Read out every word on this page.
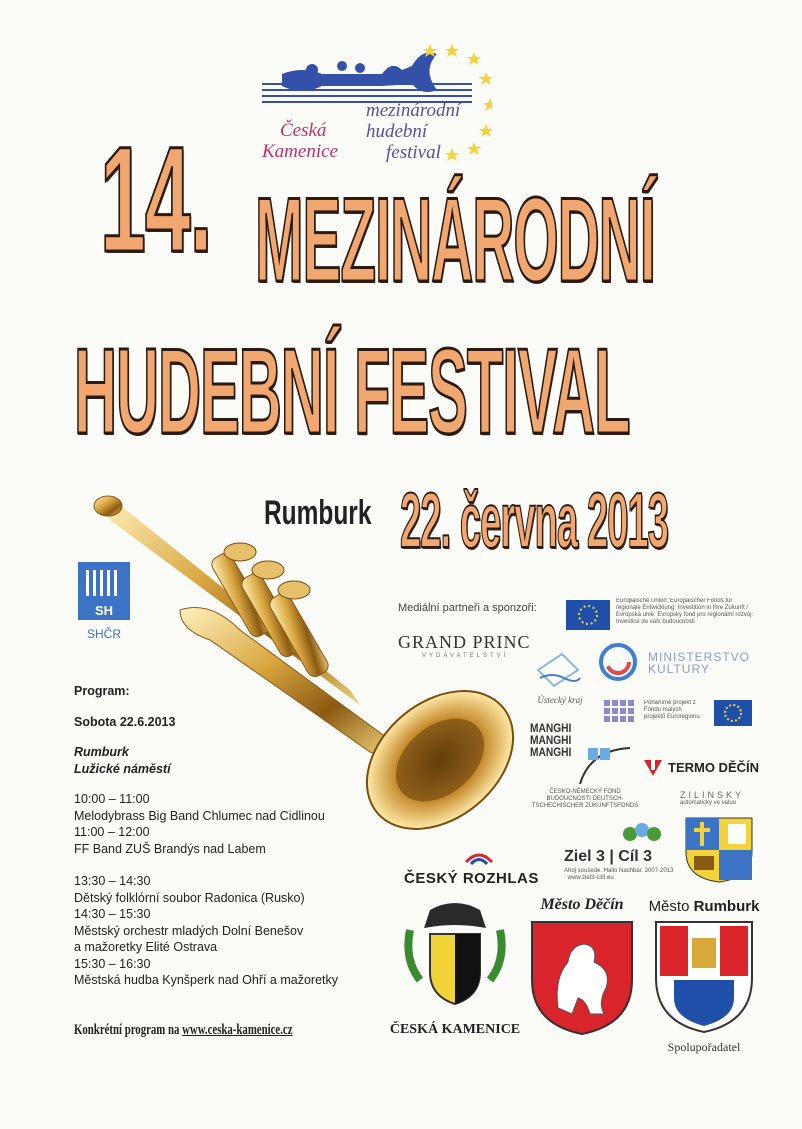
Česká
Kamenice
mezinárodní
hudební
festival
14. MEZINÁRODNÍ
HUDEBNÍ FESTIVAL
Rumburk 22. června 2013
SH
SHČR
Program:
Sobota 22.6.2013
Rumburk
Lužické náměstí
10:00 – 11:00
Melodybrass Big Band Chlumec nad Cidlinou
11:00 – 12:00
FF Band ZUŠ Brandýs nad Labem
13:30 – 14:30
Dětský folklórní soubor Radonica (Rusko)
14:30 – 15:30
Městský orchestr mladých Dolní Benešov
a mažoretky Elité Ostrava
15:30 – 16:30
Městská hudba Kynšperk nad Ohří a mažoretky
Konkrétní program na www.ceska-kamenice.cz
Mediální partneři a sponzoři:
Europäische Union: Europäischer Fonds für regionale Entwicklung: Investition in Ihre Zukunft / Evropská unie: Evropský fond pro regionální rozvoj: Investice do vaší budoucnosti
GRAND PRINC
VYDAVATELSTVÍ	MINISTERSTVO
KULTURY
Ústecký kraj	Poháníme projekt z Fondu malých projektů Euroregionu
MANGHI
MANGHI
MANGHI
ČESKO-NĚMECKÝ FOND BUDOUCNOSTI DEUTSCH-TSCHECHISCHER ZUKUNFTSFONDS
TERMO DĚČÍN
ZILINSKY
automaticky ve valuu
Ziel 3 | Cíl 3
Ahoj sousede. Hallo Nachbar. 2007-2013 · www.ziel3-cil3.eu
ČESKÝ ROZHLAS
ČESKÁ KAMENICE
Město Děčín	Město Rumburk
Spolupořadatel
